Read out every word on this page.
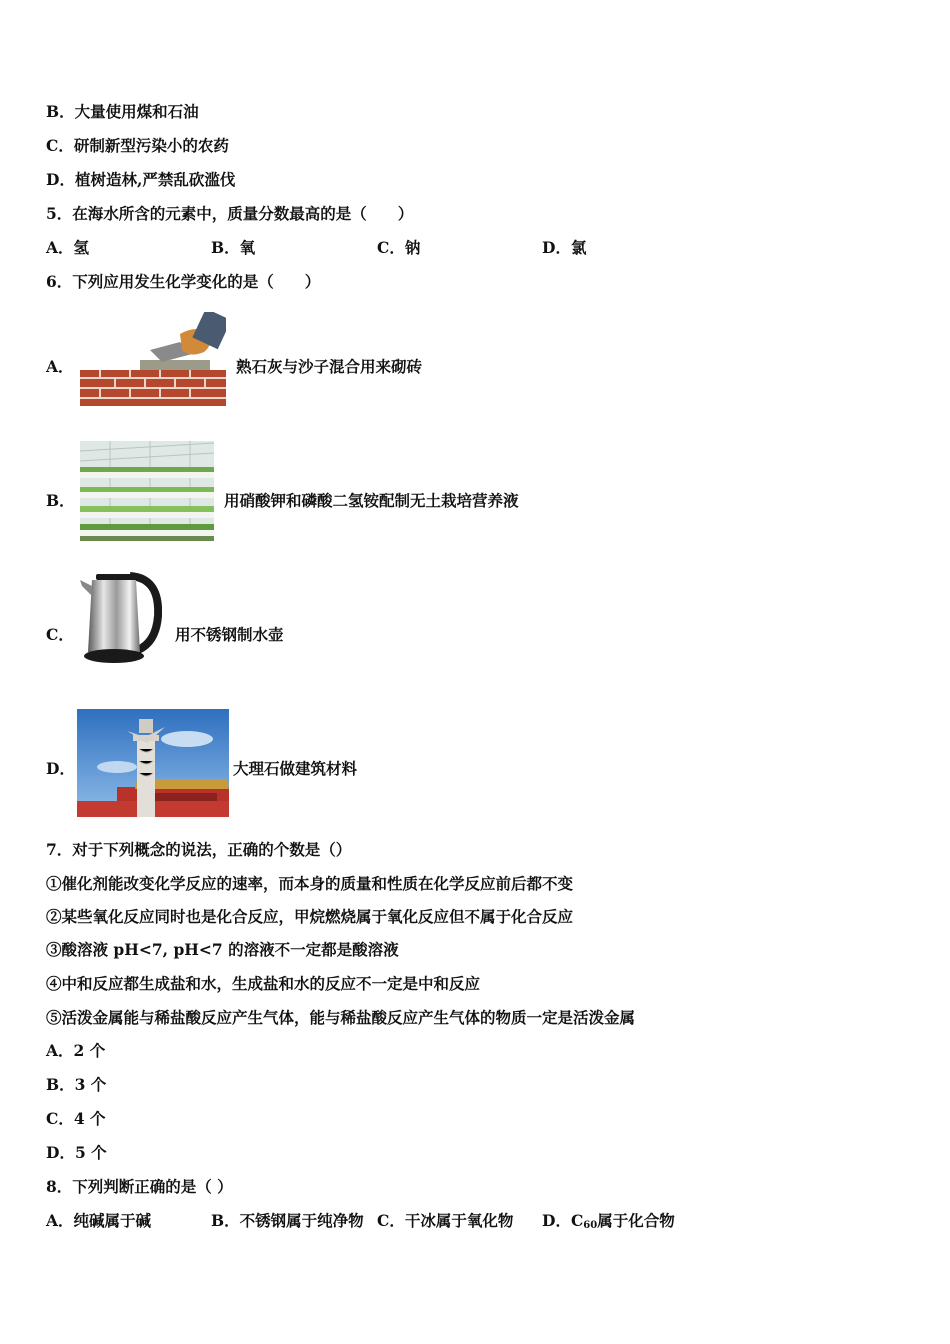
B．大量使用煤和石油
C．研制新型污染小的农药
D．植树造林,严禁乱砍滥伐
5．在海水所含的元素中，质量分数最高的是（　　）
A．氢	B．氧	C．钠	D．氯
6．下列应用发生化学变化的是（　　）
A．	熟石灰与沙子混合用来砌砖
B．	用硝酸钾和磷酸二氢铵配制无土栽培营养液
C．	用不锈钢制水壶
D．	大理石做建筑材料
7．对于下列概念的说法，正确的个数是（）
①催化剂能改变化学反应的速率，而本身的质量和性质在化学反应前后都不变
②某些氧化反应同时也是化合反应，甲烷燃烧属于氧化反应但不属于化合反应
③酸溶液 pH<7, pH<7 的溶液不一定都是酸溶液
④中和反应都生成盐和水，生成盐和水的反应不一定是中和反应
⑤活泼金属能与稀盐酸反应产生气体，能与稀盐酸反应产生气体的物质一定是活泼金属
A．2 个
B．3 个
C．4 个
D．5 个
8．下列判断正确的是（ ）
A．纯碱属于碱	B．不锈钢属于纯净物 C．干冰属于氧化物 D．$C_{60}$属于化合物
